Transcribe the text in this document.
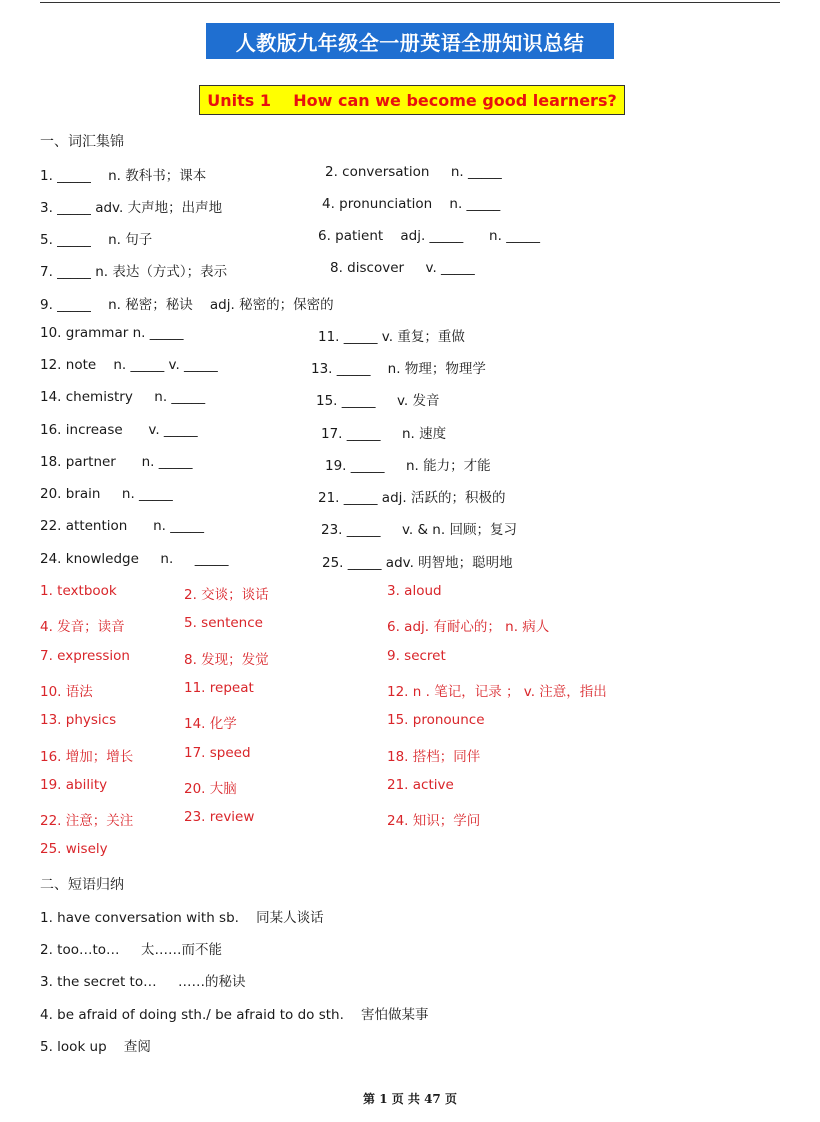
人教版九年级全一册英语全册知识总结
Units 1    How can we become good learners?
一、词汇集锦
1. _____    n. 教科书；课本	2. conversation     n. _____
3. _____ adv. 大声地；出声地	4. pronunciation    n. _____
5. _____    n. 句子	6. patient    adj. _____      n. _____
7. _____ n. 表达（方式）；表示	8. discover     v. _____
9. _____    n. 秘密；秘诀    adj. 秘密的；保密的
10. grammar n. _____	11. _____ v. 重复；重做
12. note    n. _____ v. _____	13. _____    n. 物理；物理学
14. chemistry     n. _____	15. _____     v. 发音
16. increase      v. _____	17. _____     n. 速度
18. partner      n. _____	19. _____     n. 能力；才能
20. brain     n. _____	21. _____ adj. 活跃的；积极的
22. attention      n. _____	23. _____     v. & n. 回顾；复习
24. knowledge     n.     _____	25. _____ adv. 明智地；聪明地
1. textbook	2. 交谈；谈话	3. aloud
4. 发音；读音	5. sentence	6. adj. 有耐心的； n. 病人
7. expression	8. 发现；发觉	9. secret
10. 语法	11. repeat	12. n . 笔记，记录 ； v. 注意，指出
13. physics	14. 化学	15. pronounce
16. 增加；增长	17. speed	18. 搭档；同伴
19. ability	20. 大脑	21. active
22. 注意；关注	23. review	24. 知识；学问
25. wisely
二、短语归纳
1. have conversation with sb.    同某人谈话
2. too…to…     太……而不能
3. the secret to…     ……的秘诀
4. be afraid of doing sth./ be afraid to do sth.    害怕做某事
5. look up    查阅
第 1 页 共 47 页
